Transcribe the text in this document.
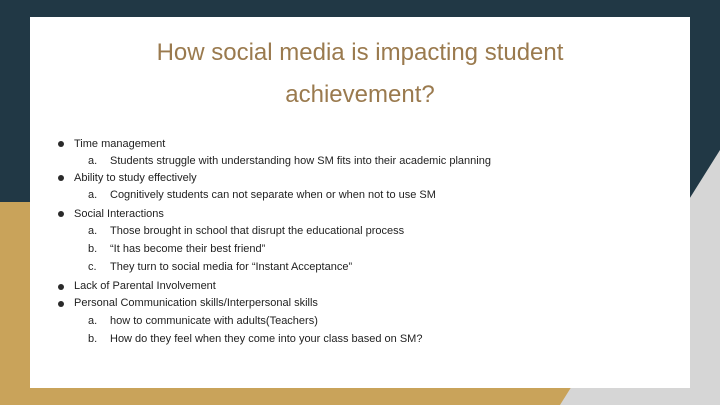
How social media is impacting student
achievement?
Time management
a. Students struggle with understanding how SM fits into their academic planning
Ability to study effectively
a. Cognitively students can not separate when or when not to use SM
Social Interactions
a. Those brought in school that disrupt the educational process
b. “It has become their best friend”
c. They turn to social media for “Instant Acceptance”
Lack of Parental Involvement
Personal Communication skills/Interpersonal skills
a. how to communicate with adults(Teachers)
b. How do they feel when they come into your class based on SM?
